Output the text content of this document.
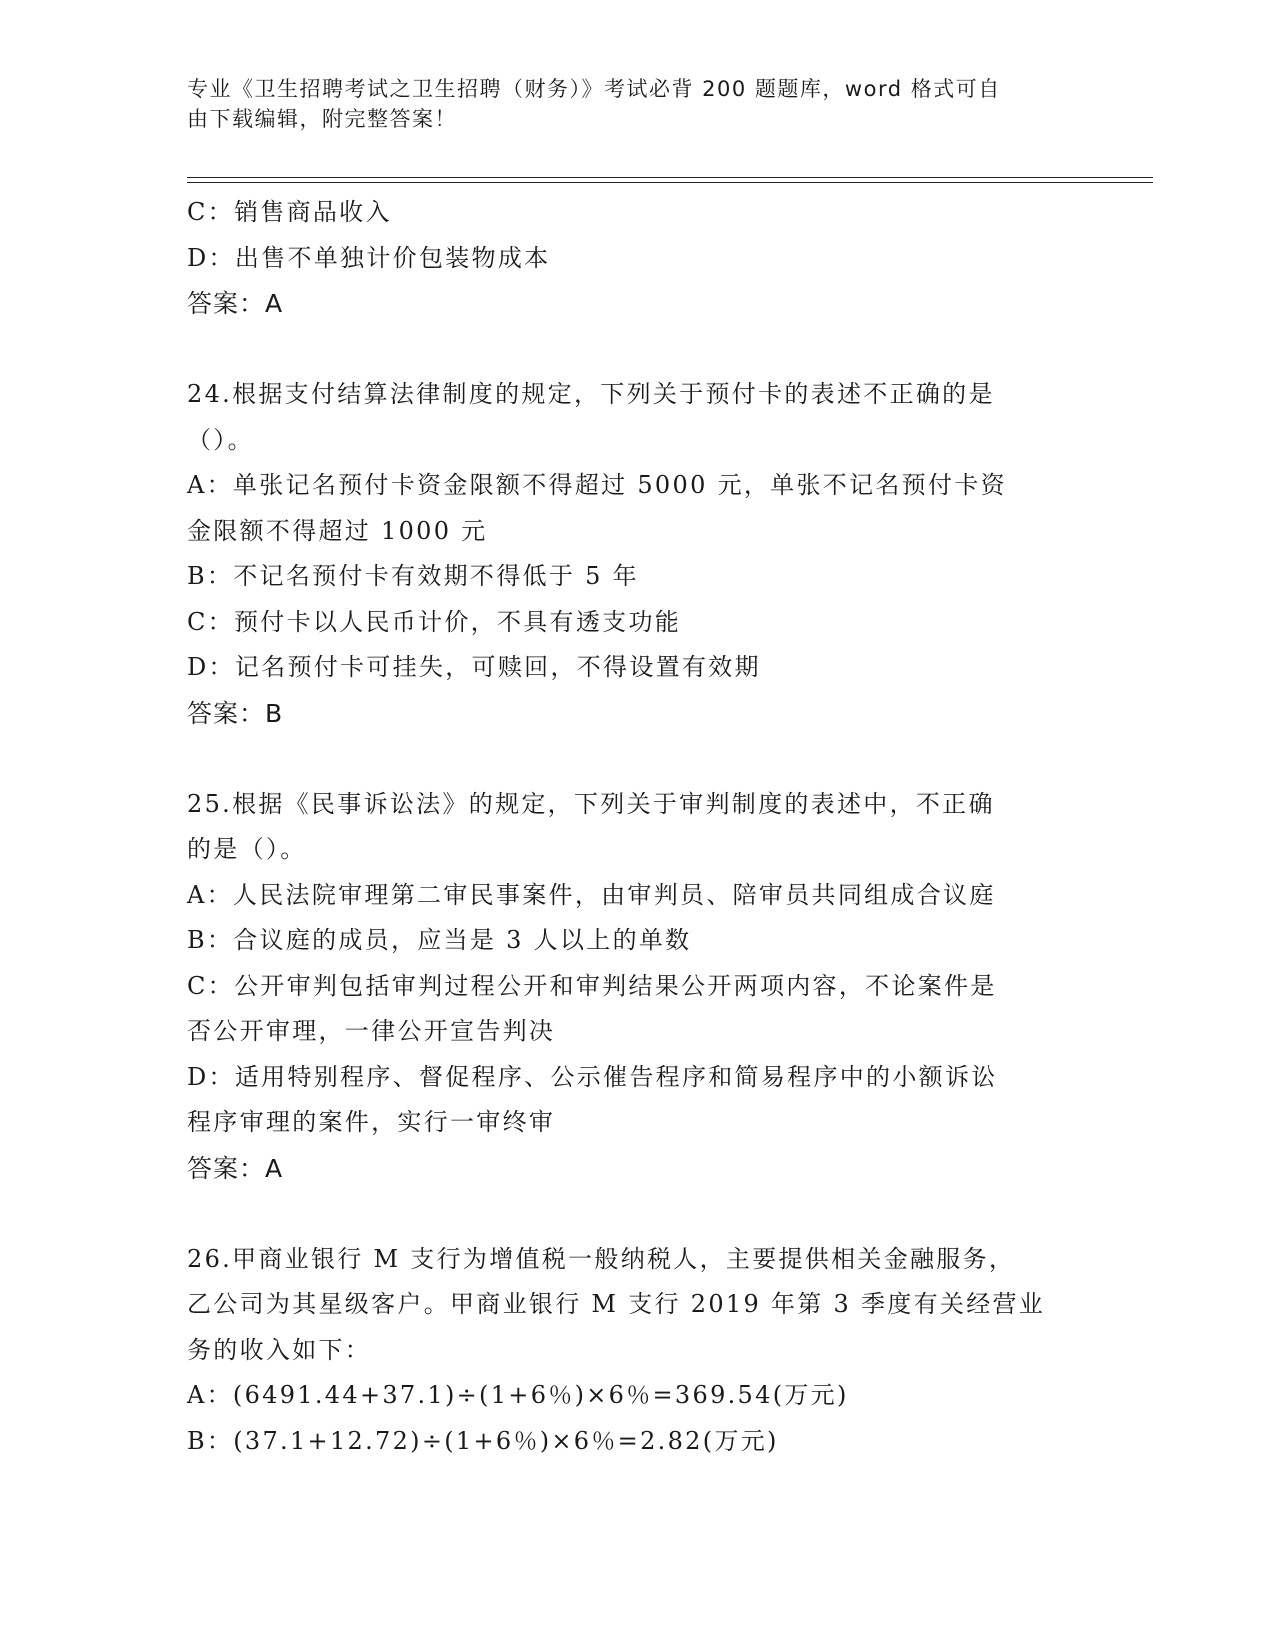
专业《卫生招聘考试之卫生招聘（财务）》考试必背 200 题题库，word 格式可自
由下载编辑，附完整答案！
C：销售商品收入
D：出售不单独计价包装物成本
答案：A
24.根据支付结算法律制度的规定，下列关于预付卡的表述不正确的是
（）。
A：单张记名预付卡资金限额不得超过 5000 元，单张不记名预付卡资
金限额不得超过 1000 元
B：不记名预付卡有效期不得低于 5 年
C：预付卡以人民币计价，不具有透支功能
D：记名预付卡可挂失，可赎回，不得设置有效期
答案：B
25.根据《民事诉讼法》的规定，下列关于审判制度的表述中，不正确
的是（）。
A：人民法院审理第二审民事案件，由审判员、陪审员共同组成合议庭
B：合议庭的成员，应当是 3 人以上的单数
C：公开审判包括审判过程公开和审判结果公开两项内容，不论案件是
否公开审理，一律公开宣告判决
D：适用特别程序、督促程序、公示催告程序和简易程序中的小额诉讼
程序审理的案件，实行一审终审
答案：A
26.甲商业银行 M 支行为增值税一般纳税人，主要提供相关金融服务，
乙公司为其星级客户。甲商业银行 M 支行 2019 年第 3 季度有关经营业
务的收入如下：
A：(6491.44+37.1)÷(1+6％)×6％=369.54(万元)
B：(37.1+12.72)÷(1+6％)×6％=2.82(万元)
